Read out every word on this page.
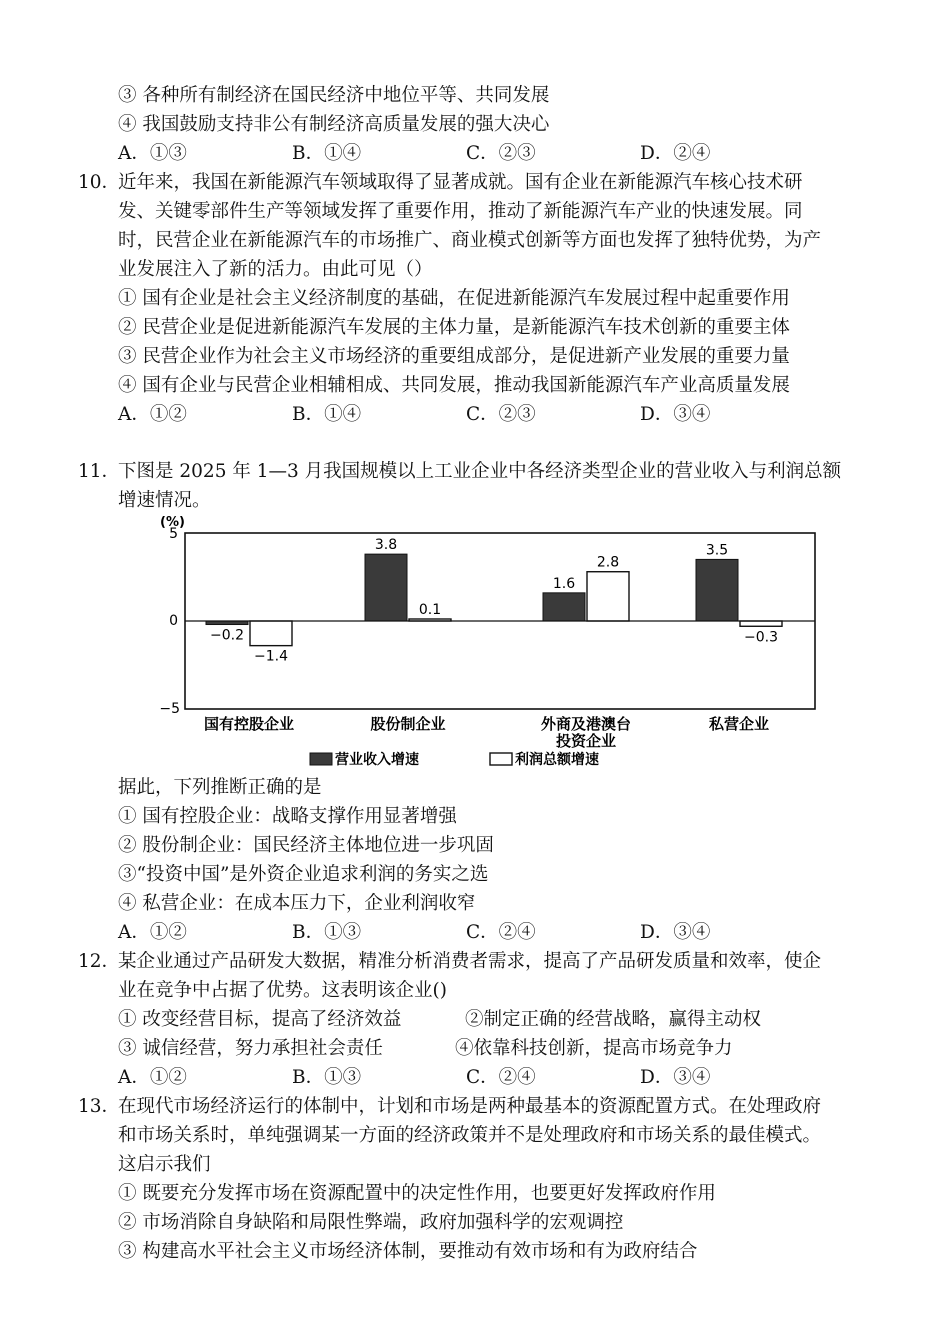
③ 各种所有制经济在国民经济中地位平等、共同发展
④ 我国鼓励支持非公有制经济高质量发展的强大决心
A．①③	B．①④	C．②③	D．②④
10．
近年来，我国在新能源汽车领域取得了显著成就。国有企业在新能源汽车核心技术研
发、关键零部件生产等领域发挥了重要作用，推动了新能源汽车产业的快速发展。同
时，民营企业在新能源汽车的市场推广、商业模式创新等方面也发挥了独特优势，为产
业发展注入了新的活力。由此可见（）
① 国有企业是社会主义经济制度的基础，在促进新能源汽车发展过程中起重要作用
② 民营企业是促进新能源汽车发展的主体力量，是新能源汽车技术创新的重要主体
③ 民营企业作为社会主义市场经济的重要组成部分，是促进新产业发展的重要力量
④ 国有企业与民营企业相辅相成、共同发展，推动我国新能源汽车产业高质量发展
A．①②	B．①④	C．②③	D．③④
11．
下图是 2025 年 1—3 月我国规模以上工业企业中各经济类型企业的营业收入与利润总额
增速情况。
(%)
5
0
−5
−0.2
3.8
1.6
3.5
−1.4
0.1
2.8
−0.3
国有控股企业	股份制企业	外商及港澳台
投资企业
私营企业
营业收入增速	利润总额增速
据此，下列推断正确的是
① 国有控股企业：战略支撑作用显著增强
② 股份制企业：国民经济主体地位进一步巩固
③“投资中国”是外资企业追求利润的务实之选
④ 私营企业：在成本压力下，企业利润收窄
A．①②	B．①③	C．②④	D．③④
12．
某企业通过产品研发大数据，精准分析消费者需求，提高了产品研发质量和效率，使企
业在竞争中占据了优势。这表明该企业()
① 改变经营目标，提高了经济效益	②制定正确的经营战略，赢得主动权
③ 诚信经营，努力承担社会责任	④依靠科技创新，提高市场竞争力
A．①②	B．①③	C．②④	D．③④
13．
在现代市场经济运行的体制中，计划和市场是两种最基本的资源配置方式。在处理政府
和市场关系时，单纯强调某一方面的经济政策并不是处理政府和市场关系的最佳模式。
这启示我们
① 既要充分发挥市场在资源配置中的决定性作用，也要更好发挥政府作用
② 市场消除自身缺陷和局限性弊端，政府加强科学的宏观调控
③ 构建高水平社会主义市场经济体制，要推动有效市场和有为政府结合
